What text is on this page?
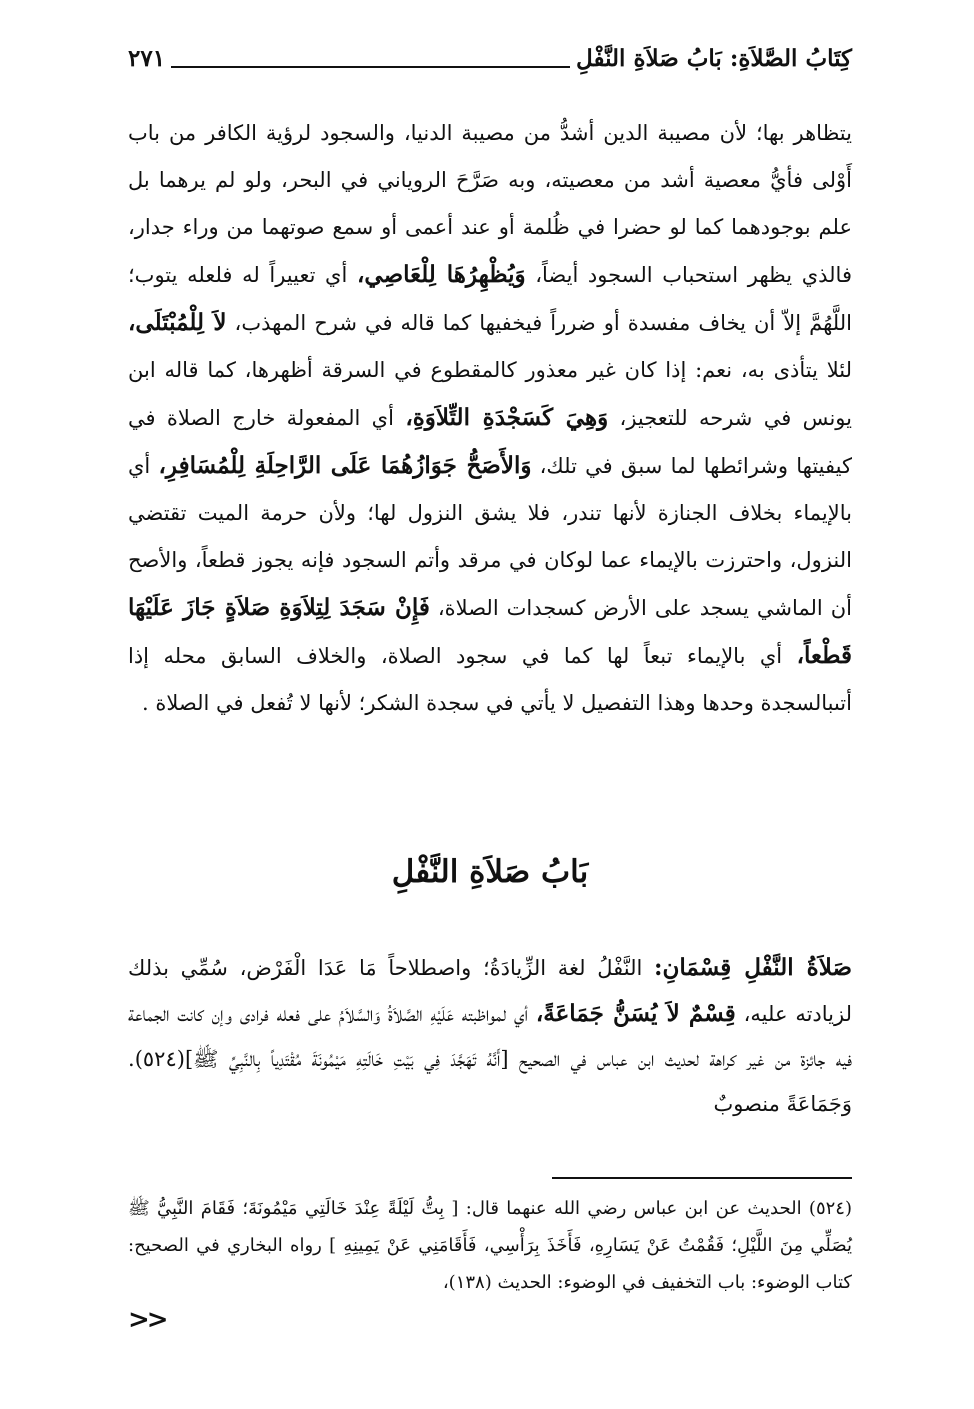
كِتَابُ الصَّلاَةِ: بَابُ صَلاَةِ النَّفْلِ
٢٧١
يتظاهر بها؛ لأن مصيبة الدين أشدُّ من مصيبة الدنيا، والسجود لرؤية الكافر من باب أَوْلى فأيُّ معصية أشد من معصيته، وبه صَرَّحَ الروياني في البحر، ولو لم يرهما بل علم بوجودهما كما لو حضرا في ظُلمة أو عند أعمى أو سمع صوتهما من وراء جدار، فالذي يظهر استحباب السجود أيضاً، وَيُظْهِرُهَا لِلْعَاصِي، أي تعييراً له فلعله يتوب؛ اللَّهُمَّ إلاّ أن يخاف مفسدة أو ضرراً فيخفيها كما قاله في شرح المهذب، لاَ لِلْمُبْتَلَى، لئلا يتأذى به، نعم: إذا كان غير معذور كالمقطوع في السرقة أظهرها، كما قاله ابن يونس في شرحه للتعجيز، وَهِيَ كَسَجْدَةِ التِّلاَوَةِ، أي المفعولة خارج الصلاة في كيفيتها وشرائطها لما سبق في تلك، وَالأَصَحُّ جَوَازُهُمَا عَلَى الرَّاحِلَةِ لِلْمُسَافِرِ، أي بالإيماء بخلاف الجنازة لأنها تندر، فلا يشق النزول لها؛ ولأن حرمة الميت تقتضي النزول، واحترزت بالإيماء عما لوكان في مرقد وأتم السجود فإنه يجوز قطعاً، والأصح أن الماشي يسجد على الأرض كسجدات الصلاة، فَإِنْ سَجَدَ لِتِلاَوَةِ صَلاَةٍ جَازَ عَلَيْهَا قَطْعاً، أي بالإيماء تبعاً لها كما في سجود الصلاة، والخلاف السابق محله إذا أتىبالسجدة وحدها وهذا التفصيل لا يأتي في سجدة الشكر؛ لأنها لا تُفعل في الصلاة .
بَابُ صَلاَةِ النَّفْلِ
صَلاَةُ النَّفْلِ قِسْمَانِ: النَّفْلُ لغة الزِّيادَةُ؛ واصطلاحاً مَا عَدَا الْفَرْض، سُمِّي بذلك لزيادته عليه، قِسْمٌ لاَ يُسَنُّ جَمَاعَةً، أي لمواظبته عَلَيْهِ الصَّلاَةُ وَالسَّلاَمُ على فعله فرادى وإن كانت الجماعة فيه جائزة من غير كراهة لحديث ابن عباس في الصحيح [أَنَّهُ تَهَجَّدَ فِي بَيْتِ خَالَتِهِ مَيْمُونَةَ مُقْتَدِياً بِالنَّبِيِّ ﷺ](٥٢٤). وَجَمَاعَةً منصوبٌ
(٥٢٤) الحديث عن ابن عباس رضي الله عنهما قال: [ بِتُّ لَيْلَةً عِنْدَ خَالَتِي مَيْمُونَةَ؛ فَقَامَ النَّبِيُّ ﷺ يُصَلِّي مِنَ اللَّيْلِ؛ فَقُمْتُ عَنْ يَسَارِهِ، فَأَخَذَ بِرَأْسِي، فَأَقَامَنِي عَنْ يَمِينِهِ ] رواه البخاري في الصحيح: كتاب الوضوء: باب التخفيف في الوضوء: الحديث (١٣٨)،
>>
